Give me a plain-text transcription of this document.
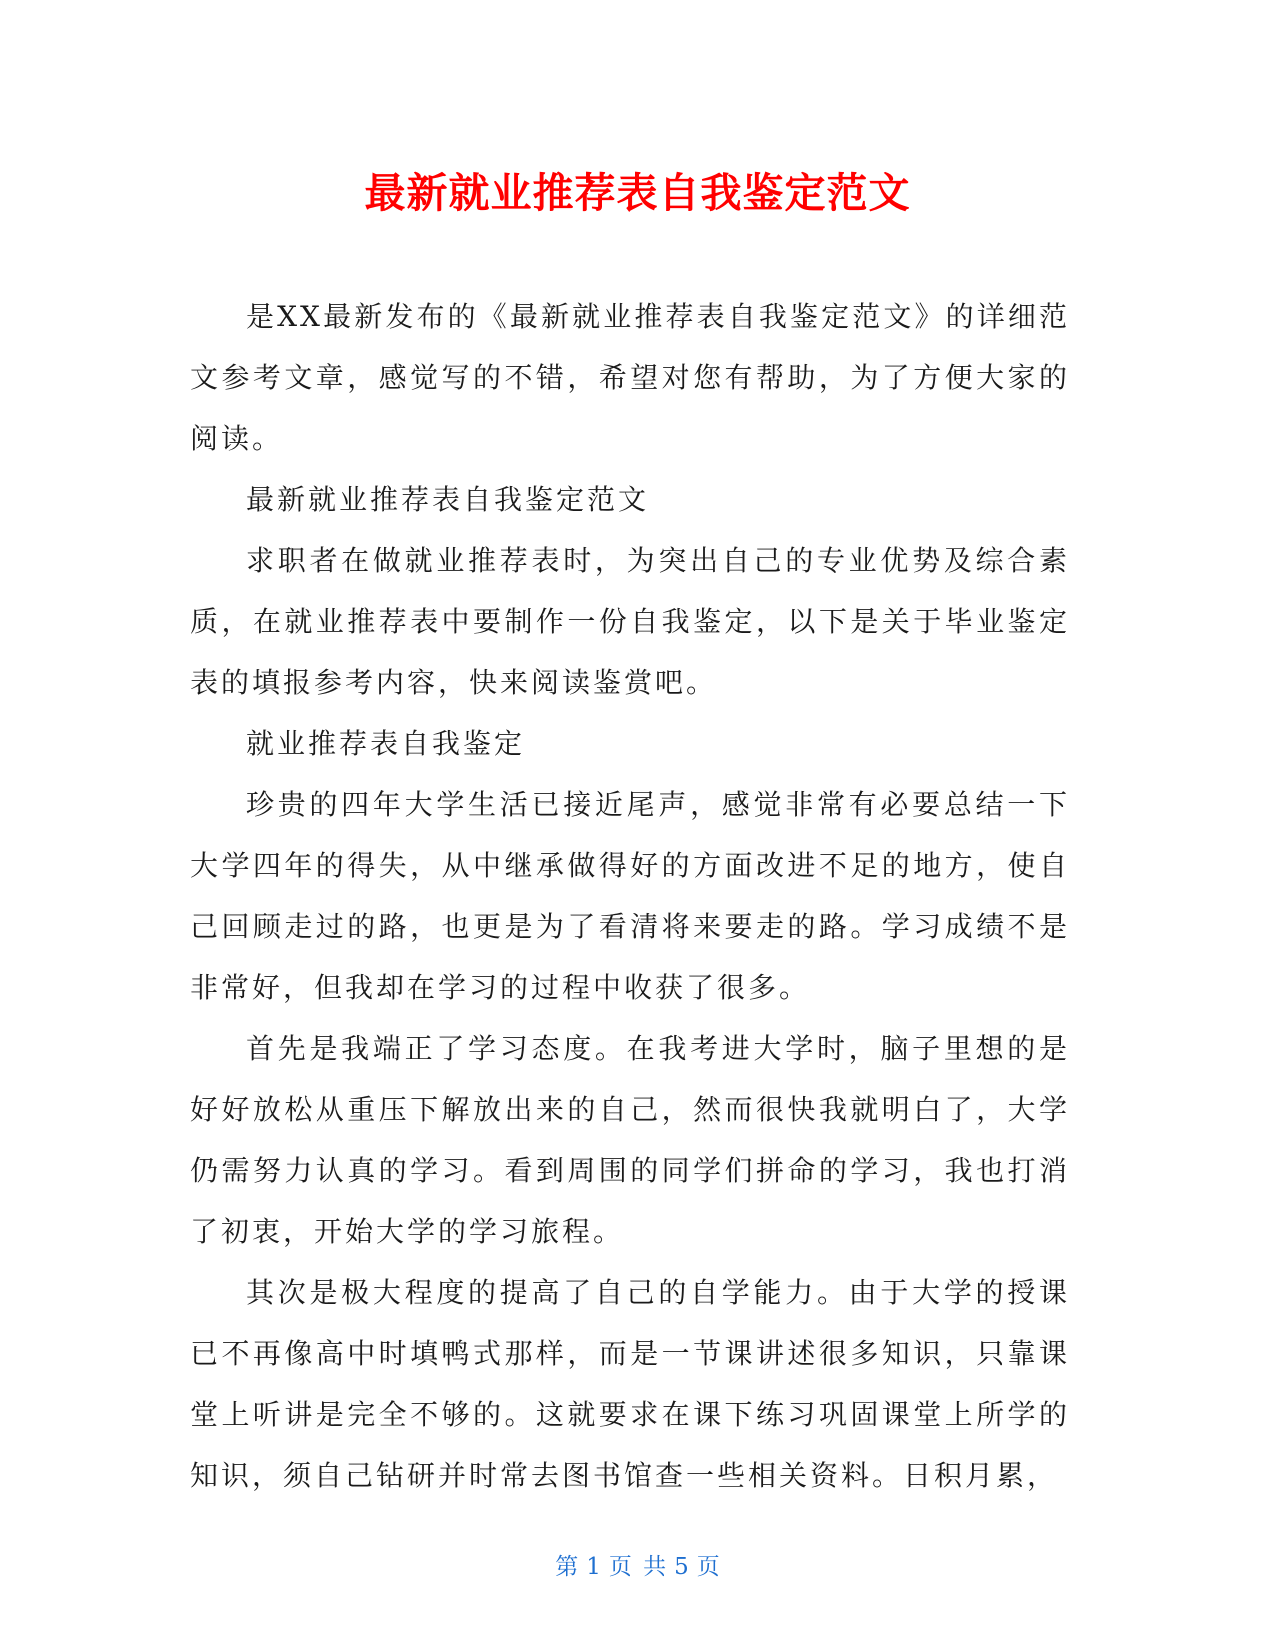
最新就业推荐表自我鉴定范文

是XX最新发布的《最新就业推荐表自我鉴定范文》的详细范文参考文章，感觉写的不错，希望对您有帮助，为了方便大家的阅读。

最新就业推荐表自我鉴定范文

求职者在做就业推荐表时，为突出自己的专业优势及综合素质，在就业推荐表中要制作一份自我鉴定，以下是关于毕业鉴定表的填报参考内容，快来阅读鉴赏吧。

就业推荐表自我鉴定

珍贵的四年大学生活已接近尾声，感觉非常有必要总结一下大学四年的得失，从中继承做得好的方面改进不足的地方，使自己回顾走过的路，也更是为了看清将来要走的路。学习成绩不是非常好，但我却在学习的过程中收获了很多。

首先是我端正了学习态度。在我考进大学时，脑子里想的是好好放松从重压下解放出来的自己，然而很快我就明白了，大学仍需努力认真的学习。看到周围的同学们拼命的学习，我也打消了初衷，开始大学的学习旅程。

其次是极大程度的提高了自己的自学能力。由于大学的授课已不再像高中时填鸭式那样，而是一节课讲述很多知识，只靠课堂上听讲是完全不够的。这就要求在课下练习巩固课堂上所学的知识，须自己钻研并时常去图书馆查一些相关资料。日积月累，

第 1 页 共 5 页
